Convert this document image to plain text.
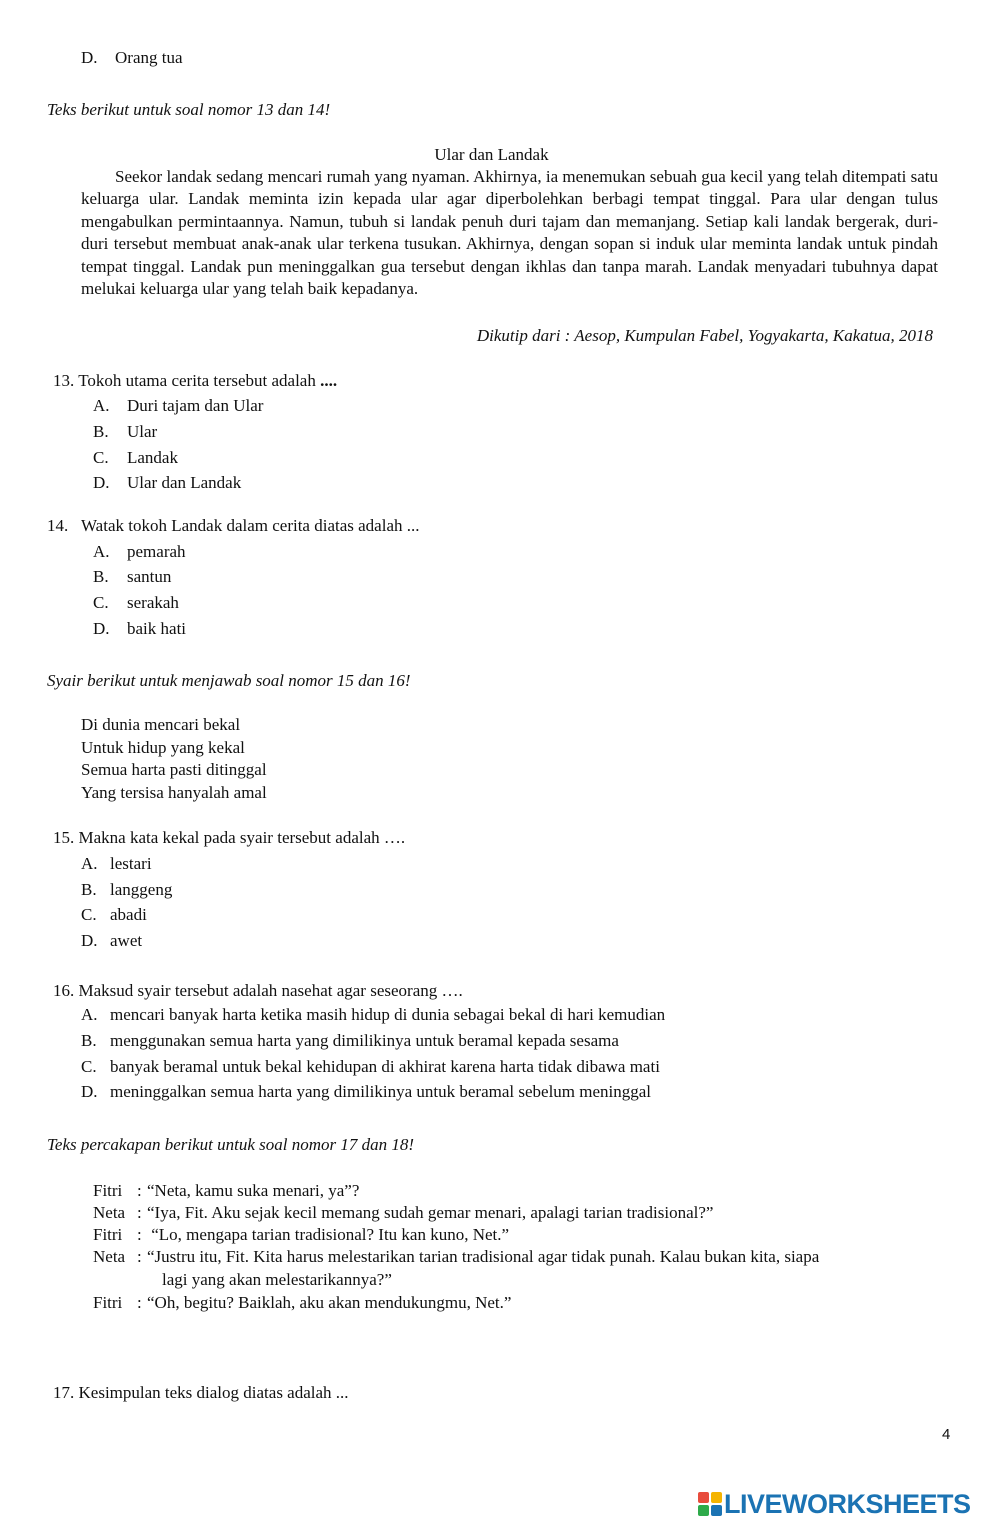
D. Orang tua
Teks berikut untuk soal nomor 13 dan 14!
Ular dan Landak

Seekor landak sedang mencari rumah yang nyaman. Akhirnya, ia menemukan sebuah gua kecil yang telah ditempati satu keluarga ular. Landak meminta izin kepada ular agar diperbolehkan berbagi tempat tinggal. Para ular dengan tulus mengabulkan permintaannya. Namun, tubuh si landak penuh duri tajam dan memanjang. Setiap kali landak bergerak, duri-duri tersebut membuat anak-anak ular terkena tusukan. Akhirnya, dengan sopan si induk ular meminta landak untuk pindah tempat tinggal. Landak pun meninggalkan gua tersebut dengan ikhlas dan tanpa marah. Landak menyadari tubuhnya dapat melukai keluarga ular yang telah baik kepadanya.

Dikutip dari : Aesop, Kumpulan Fabel, Yogyakarta, Kakatua, 2018
13. Tokoh utama cerita tersebut adalah ....
A. Duri tajam dan Ular
B. Ular
C. Landak
D. Ular dan Landak
14. Watak tokoh Landak dalam cerita diatas adalah ...
A. pemarah
B. santun
C. serakah
D. baik hati
Syair berikut untuk menjawab soal nomor 15 dan 16!
Di dunia mencari bekal
Untuk hidup yang kekal
Semua harta pasti ditinggal
Yang tersisa hanyalah amal
15. Makna kata kekal pada syair tersebut adalah ….
A. lestari
B. langgeng
C. abadi
D. awet
16. Maksud syair tersebut adalah nasehat agar seseorang ….
A. mencari banyak harta ketika masih hidup di dunia sebagai bekal di hari kemudian
B. menggunakan semua harta yang dimilikinya untuk beramal kepada sesama
C. banyak beramal untuk bekal kehidupan di akhirat karena harta tidak dibawa mati
D. meninggalkan semua harta yang dimilikinya untuk beramal sebelum meninggal
Teks percakapan berikut untuk soal nomor 17 dan 18!
Fitri : “Neta, kamu suka menari, ya”?
Neta : “Iya, Fit. Aku sejak kecil memang sudah gemar menari, apalagi tarian tradisional?”
Fitri : “Lo, mengapa tarian tradisional? Itu kan kuno, Net.”
Neta : “Justru itu, Fit. Kita harus melestarikan tarian tradisional agar tidak punah. Kalau bukan kita, siapa
lagi yang akan melestarikannya?”
Fitri : “Oh, begitu? Baiklah, aku akan mendukungmu, Net.”
17. Kesimpulan teks dialog diatas adalah ...
4
LIVEWORKSHEETS
